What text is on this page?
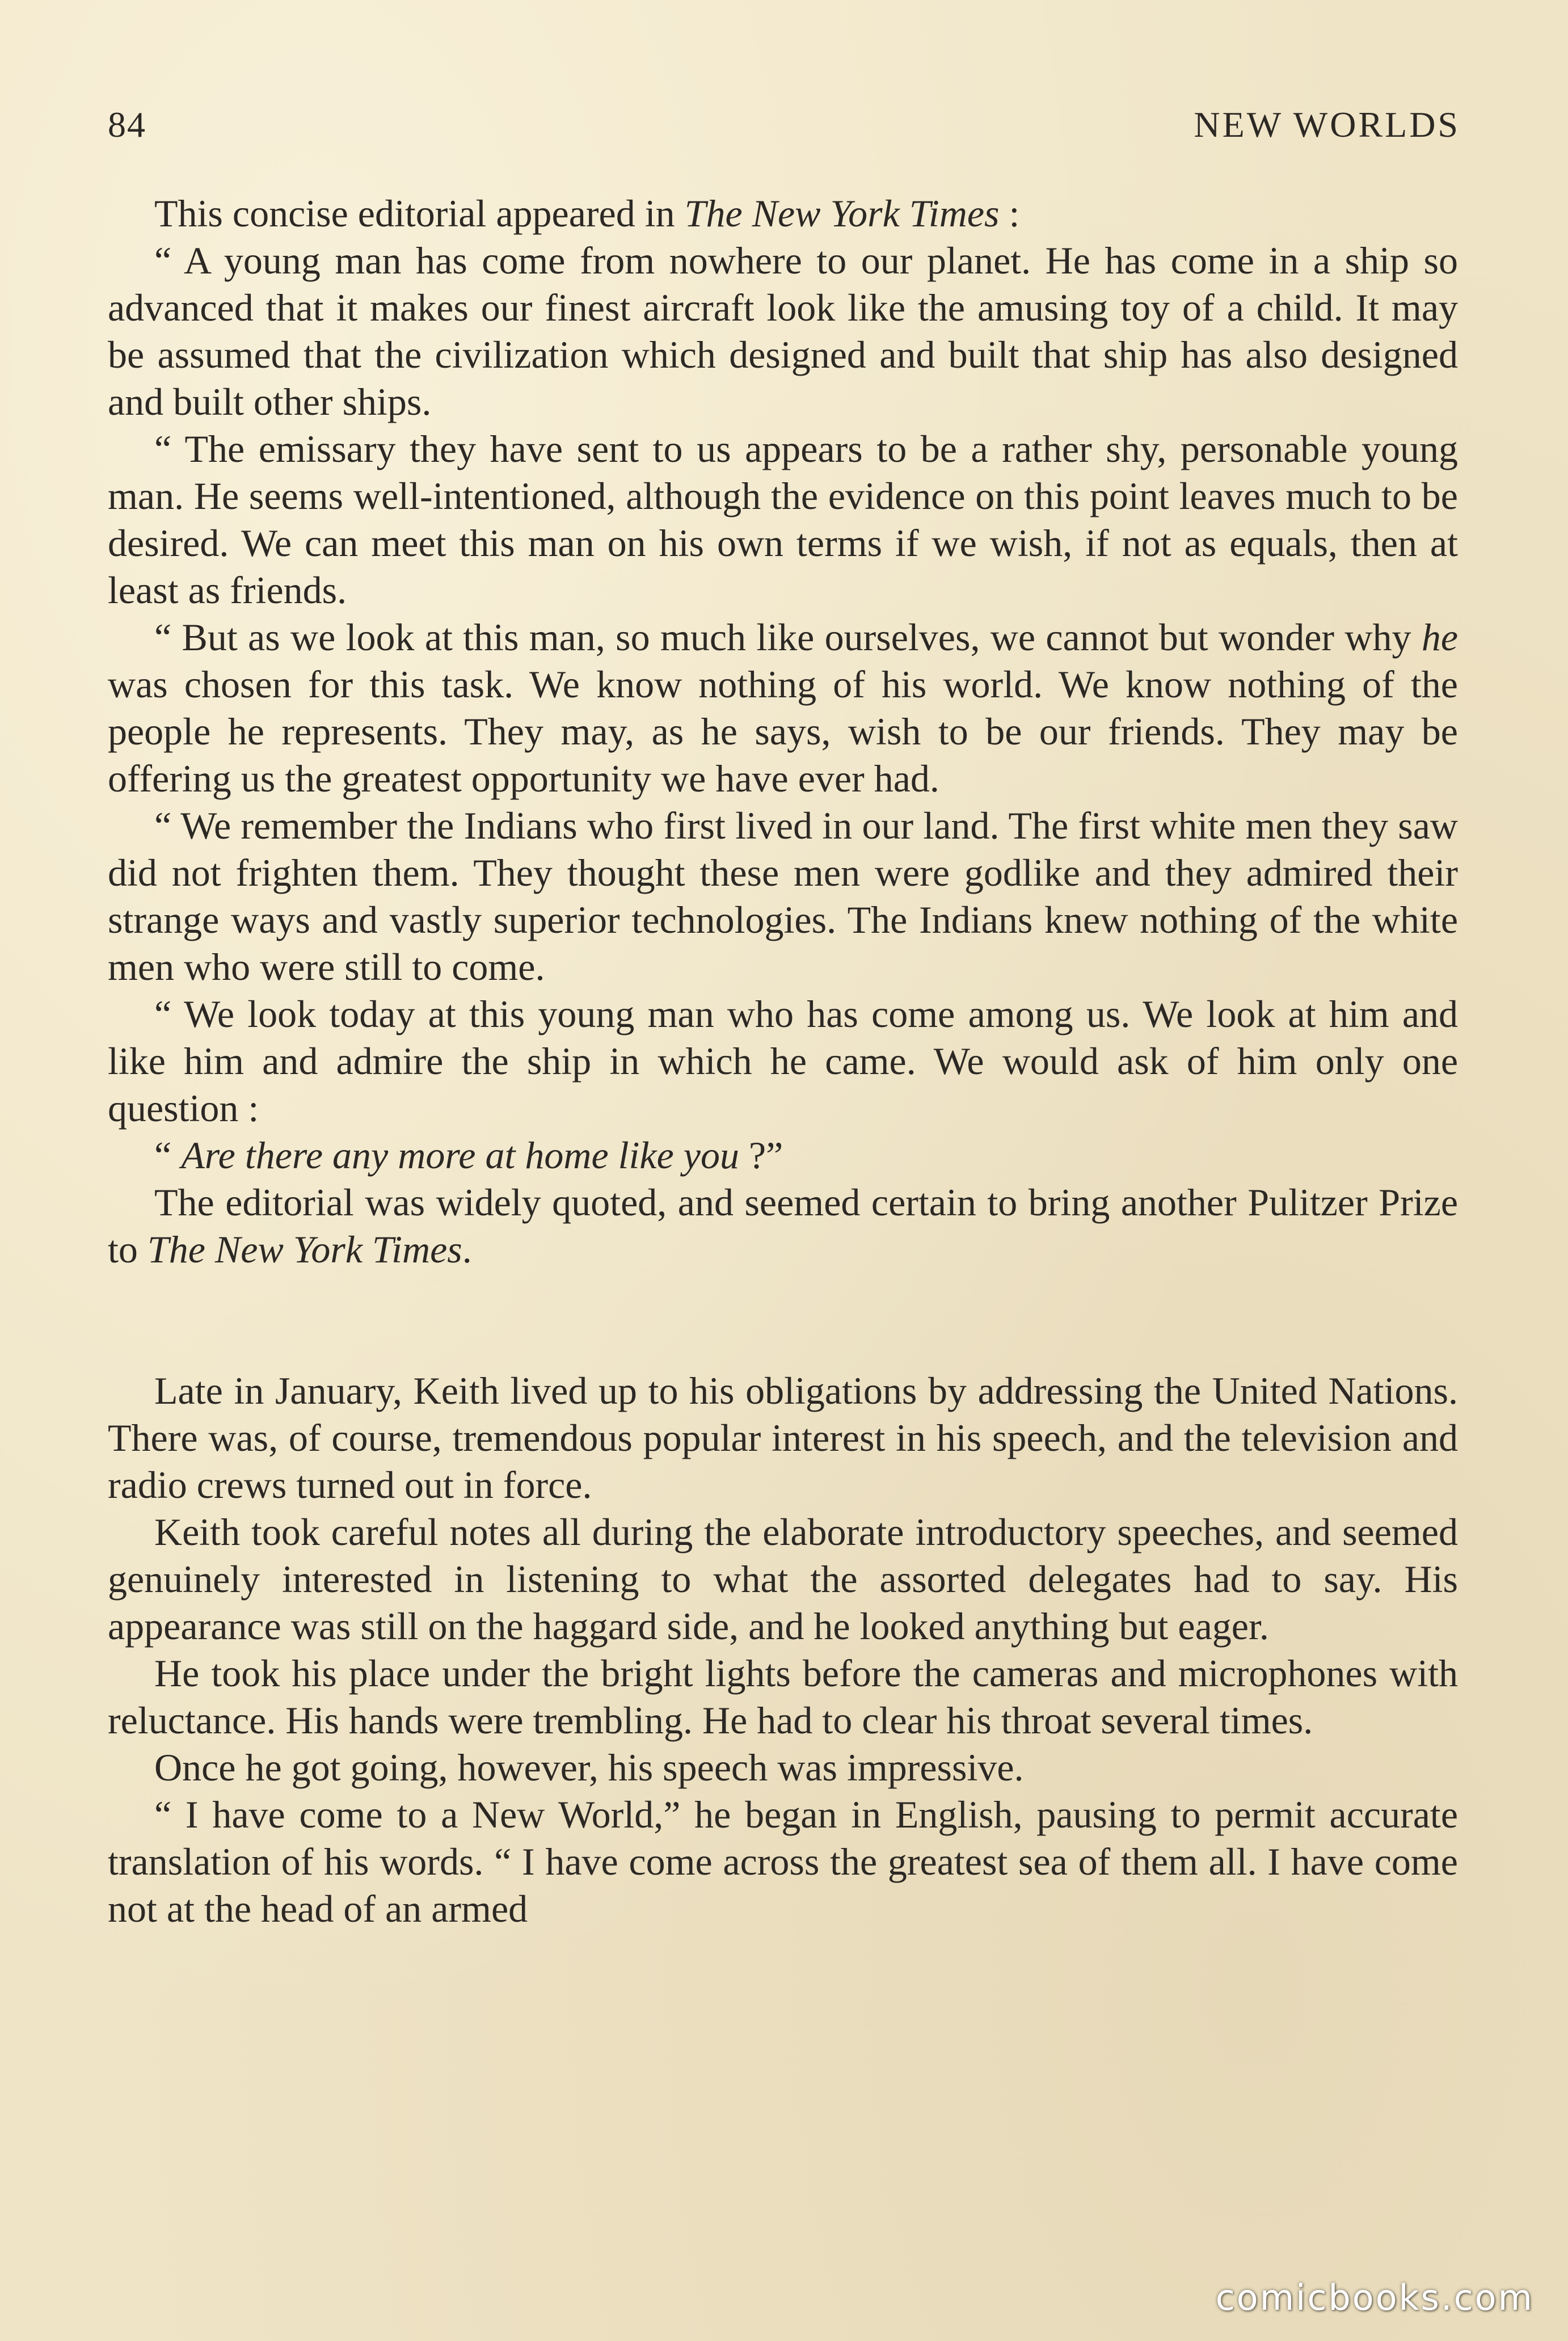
84	NEW WORLDS

This concise editorial appeared in The New York Times :

“ A young man has come from nowhere to our planet. He has come in a ship so advanced that it makes our finest aircraft look like the amusing toy of a child. It may be assumed that the civilization which designed and built that ship has also designed and built other ships.

“ The emissary they have sent to us appears to be a rather shy, personable young man. He seems well-intentioned, although the evidence on this point leaves much to be desired. We can meet this man on his own terms if we wish, if not as equals, then at least as friends.

“ But as we look at this man, so much like ourselves, we cannot but wonder why he was chosen for this task. We know nothing of his world. We know nothing of the people he represents. They may, as he says, wish to be our friends. They may be offering us the greatest opportunity we have ever had.

“ We remember the Indians who first lived in our land. The first white men they saw did not frighten them. They thought these men were godlike and they admired their strange ways and vastly superior technologies. The Indians knew nothing of the white men who were still to come.

“ We look today at this young man who has come among us. We look at him and like him and admire the ship in which he came. We would ask of him only one question :

“ Are there any more at home like you ?”

The editorial was widely quoted, and seemed certain to bring another Pulitzer Prize to The New York Times.

Late in January, Keith lived up to his obligations by addressing the United Nations. There was, of course, tremendous popular interest in his speech, and the television and radio crews turned out in force.

Keith took careful notes all during the elaborate introductory speeches, and seemed genuinely interested in listening to what the assorted delegates had to say. His appearance was still on the haggard side, and he looked anything but eager.

He took his place under the bright lights before the cameras and microphones with reluctance. His hands were trembling. He had to clear his throat several times.

Once he got going, however, his speech was impressive.

“ I have come to a New World,” he began in English, pausing to permit accurate translation of his words. “ I have come across the greatest sea of them all. I have come not at the head of an armed

comicbooks.com
